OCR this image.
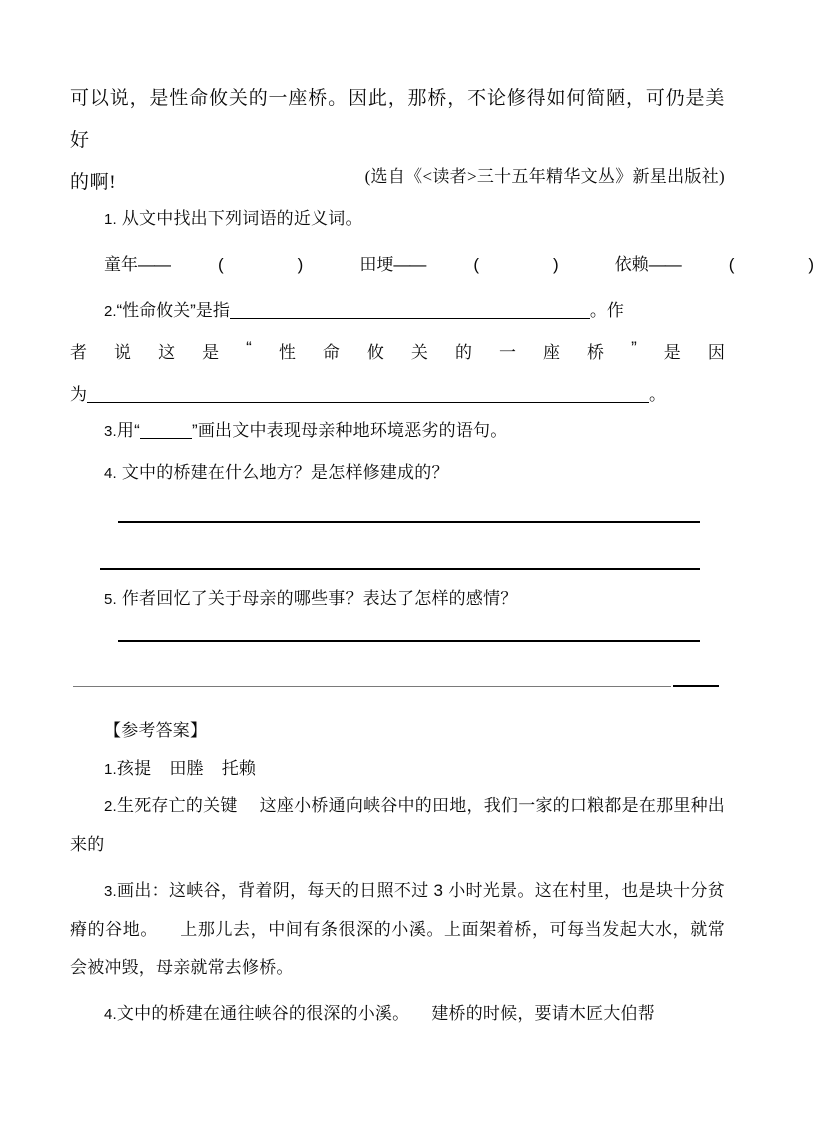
可以说，是性命攸关的一座桥。因此，那桥，不论修得如何简陋，可仍是美好
的啊!	(选自《<读者>三十五年精华文丛》新星出版社)
1. 从文中找出下列词语的近义词。
童年——	(	)	田埂——	(	)	依赖——	(	)
2.“性命攸关”是指	。作
者 说 这 是 “ 性 命 攸 关 的 一 座 桥 ” 是 因
为	。
3.用“	”画出文中表现母亲种地环境恶劣的语句。
4. 文中的桥建在什么地方？是怎样修建成的？
5. 作者回忆了关于母亲的哪些事？表达了怎样的感情？
【参考答案】
1.孩提 田塍 托赖
2.生死存亡的关键 这座小桥通向峡谷中的田地，我们一家的口粮都是在那里种出来的
3.画出：这峡谷，背着阴，每天的日照不过 3 小时光景。这在村里，也是块十分贫瘠的谷地。 上那儿去，中间有条很深的小溪。上面架着桥，可每当发起大水，就常会被冲毁，母亲就常去修桥。
4.文中的桥建在通往峡谷的很深的小溪。 建桥的时候，要请木匠大伯帮
